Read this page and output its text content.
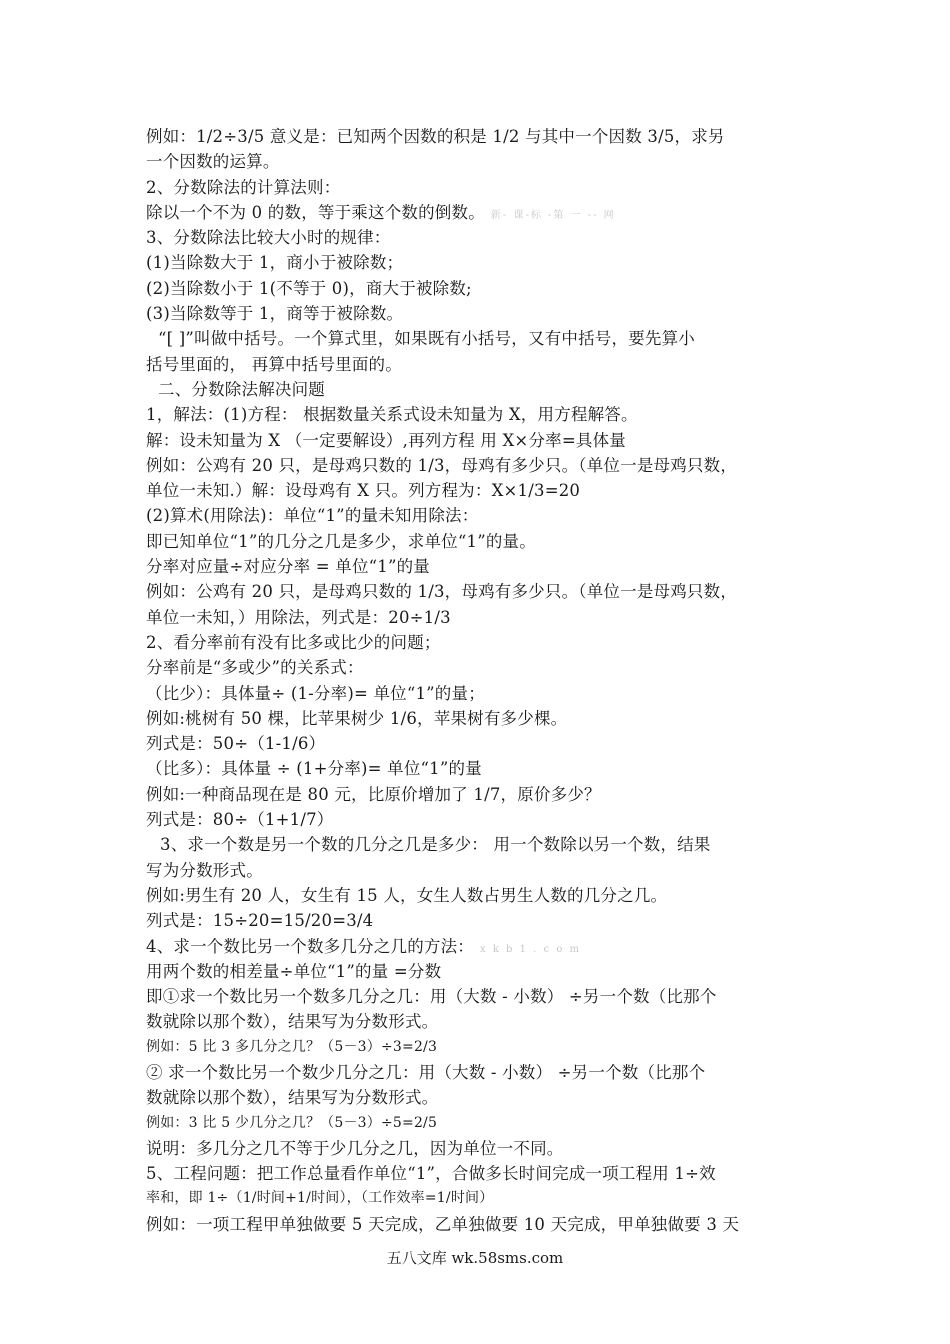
例如：1/2÷3/5 意义是：已知两个因数的积是 1/2 与其中一个因数 3/5，求另
一个因数的运算。
2、分数除法的计算法则：
除以一个不为 0 的数，等于乘这个数的倒数。 新- 课-标 -第 一 -- 网
3、分数除法比较大小时的规律：
(1)当除数大于 1，商小于被除数；
(2)当除数小于 1(不等于 0)，商大于被除数;
(3)当除数等于 1，商等于被除数。
“[ ]”叫做中括号。一个算式里，如果既有小括号，又有中括号，要先算小
括号里面的， 再算中括号里面的。
二、分数除法解决问题
1，解法：(1)方程： 根据数量关系式设未知量为 X，用方程解答。
解：设未知量为 X （一定要解设）,再列方程 用 X×分率=具体量
例如：公鸡有 20 只，是母鸡只数的 1/3，母鸡有多少只。（单位一是母鸡只数，
单位一未知.）解：设母鸡有 X 只。列方程为：X×1/3=20
(2)算术(用除法)：单位“1”的量未知用除法：
即已知单位“1”的几分之几是多少，求单位“1”的量。
分率对应量÷对应分率 = 单位“1”的量
例如：公鸡有 20 只，是母鸡只数的 1/3，母鸡有多少只。（单位一是母鸡只数，
单位一未知，）用除法，列式是：20÷1/3
2、看分率前有没有比多或比少的问题；
分率前是“多或少”的关系式：
（比少）：具体量÷ (1-分率)= 单位“1”的量；
例如:桃树有 50 棵，比苹果树少 1/6，苹果树有多少棵。
列式是：50÷（1-1/6）
（比多）：具体量 ÷ (1+分率)= 单位“1”的量
例如:一种商品现在是 80 元，比原价增加了 1/7，原价多少？
列式是：80÷（1+1/7）
3、求一个数是另一个数的几分之几是多少： 用一个数除以另一个数，结果
写为分数形式。
例如:男生有 20 人，女生有 15 人，女生人数占男生人数的几分之几。
列式是：15÷20=15/20=3/4
4、求一个数比另一个数多几分之几的方法： x k b 1 . c o m
用两个数的相差量÷单位“1”的量 =分数
即①求一个数比另一个数多几分之几：用（大数 - 小数） ÷另一个数（比那个
数就除以那个数），结果写为分数形式。
例如：5 比 3 多几分之几？（5－3）÷3=2/3
② 求一个数比另一个数少几分之几：用（大数 - 小数） ÷另一个数（比那个
数就除以那个数），结果写为分数形式。
例如：3 比 5 少几分之几？（5－3）÷5=2/5
说明：多几分之几不等于少几分之几，因为单位一不同。
5、工程问题：把工作总量看作单位“1”，合做多长时间完成一项工程用 1÷效
率和，即 1÷（1/时间+1/时间），（工作效率=1/时间）
例如：一项工程甲单独做要 5 天完成，乙单独做要 10 天完成，甲单独做要 3 天
五八文库 wk.58sms.com
